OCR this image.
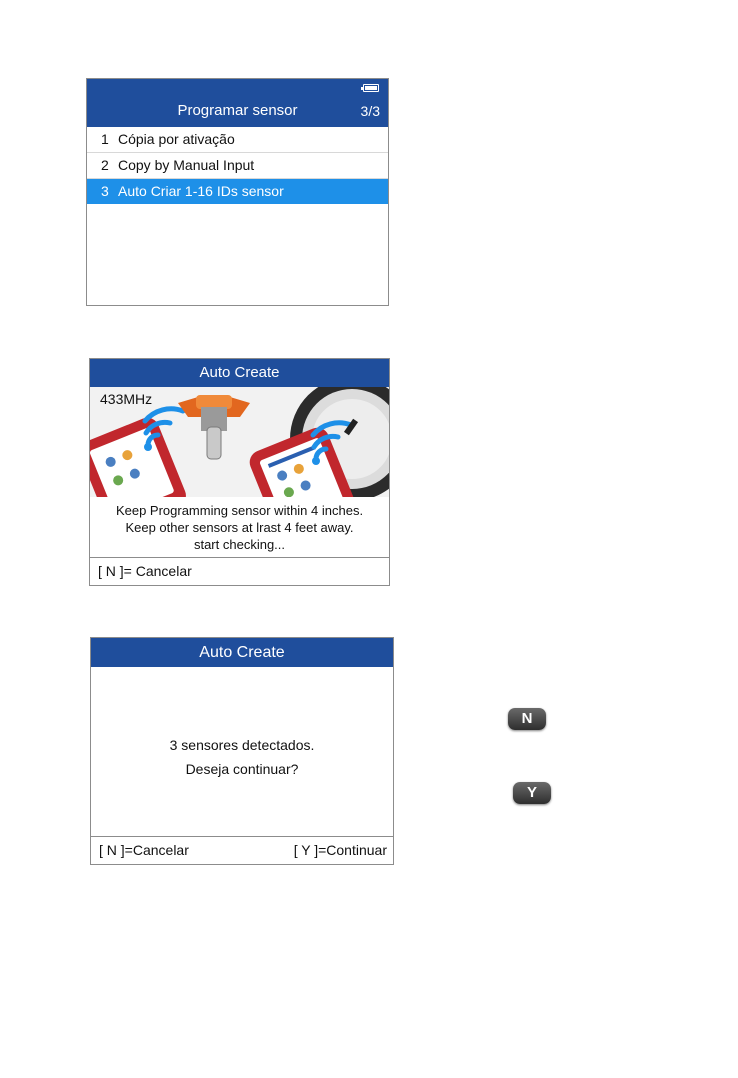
Programar sensor	3/3
1 Cópia por ativação
2 Copy by Manual Input
3 Auto Criar 1-16 IDs sensor
Auto Create
433MHz
Keep Programming sensor within 4 inches.
Keep other sensors at lrast 4 feet away.
start checking...
[ N ]= Cancelar
Auto Create
3 sensores detectados.
Deseja continuar?
[ N ]=Cancelar	[ Y ]=Continuar
N
Y
